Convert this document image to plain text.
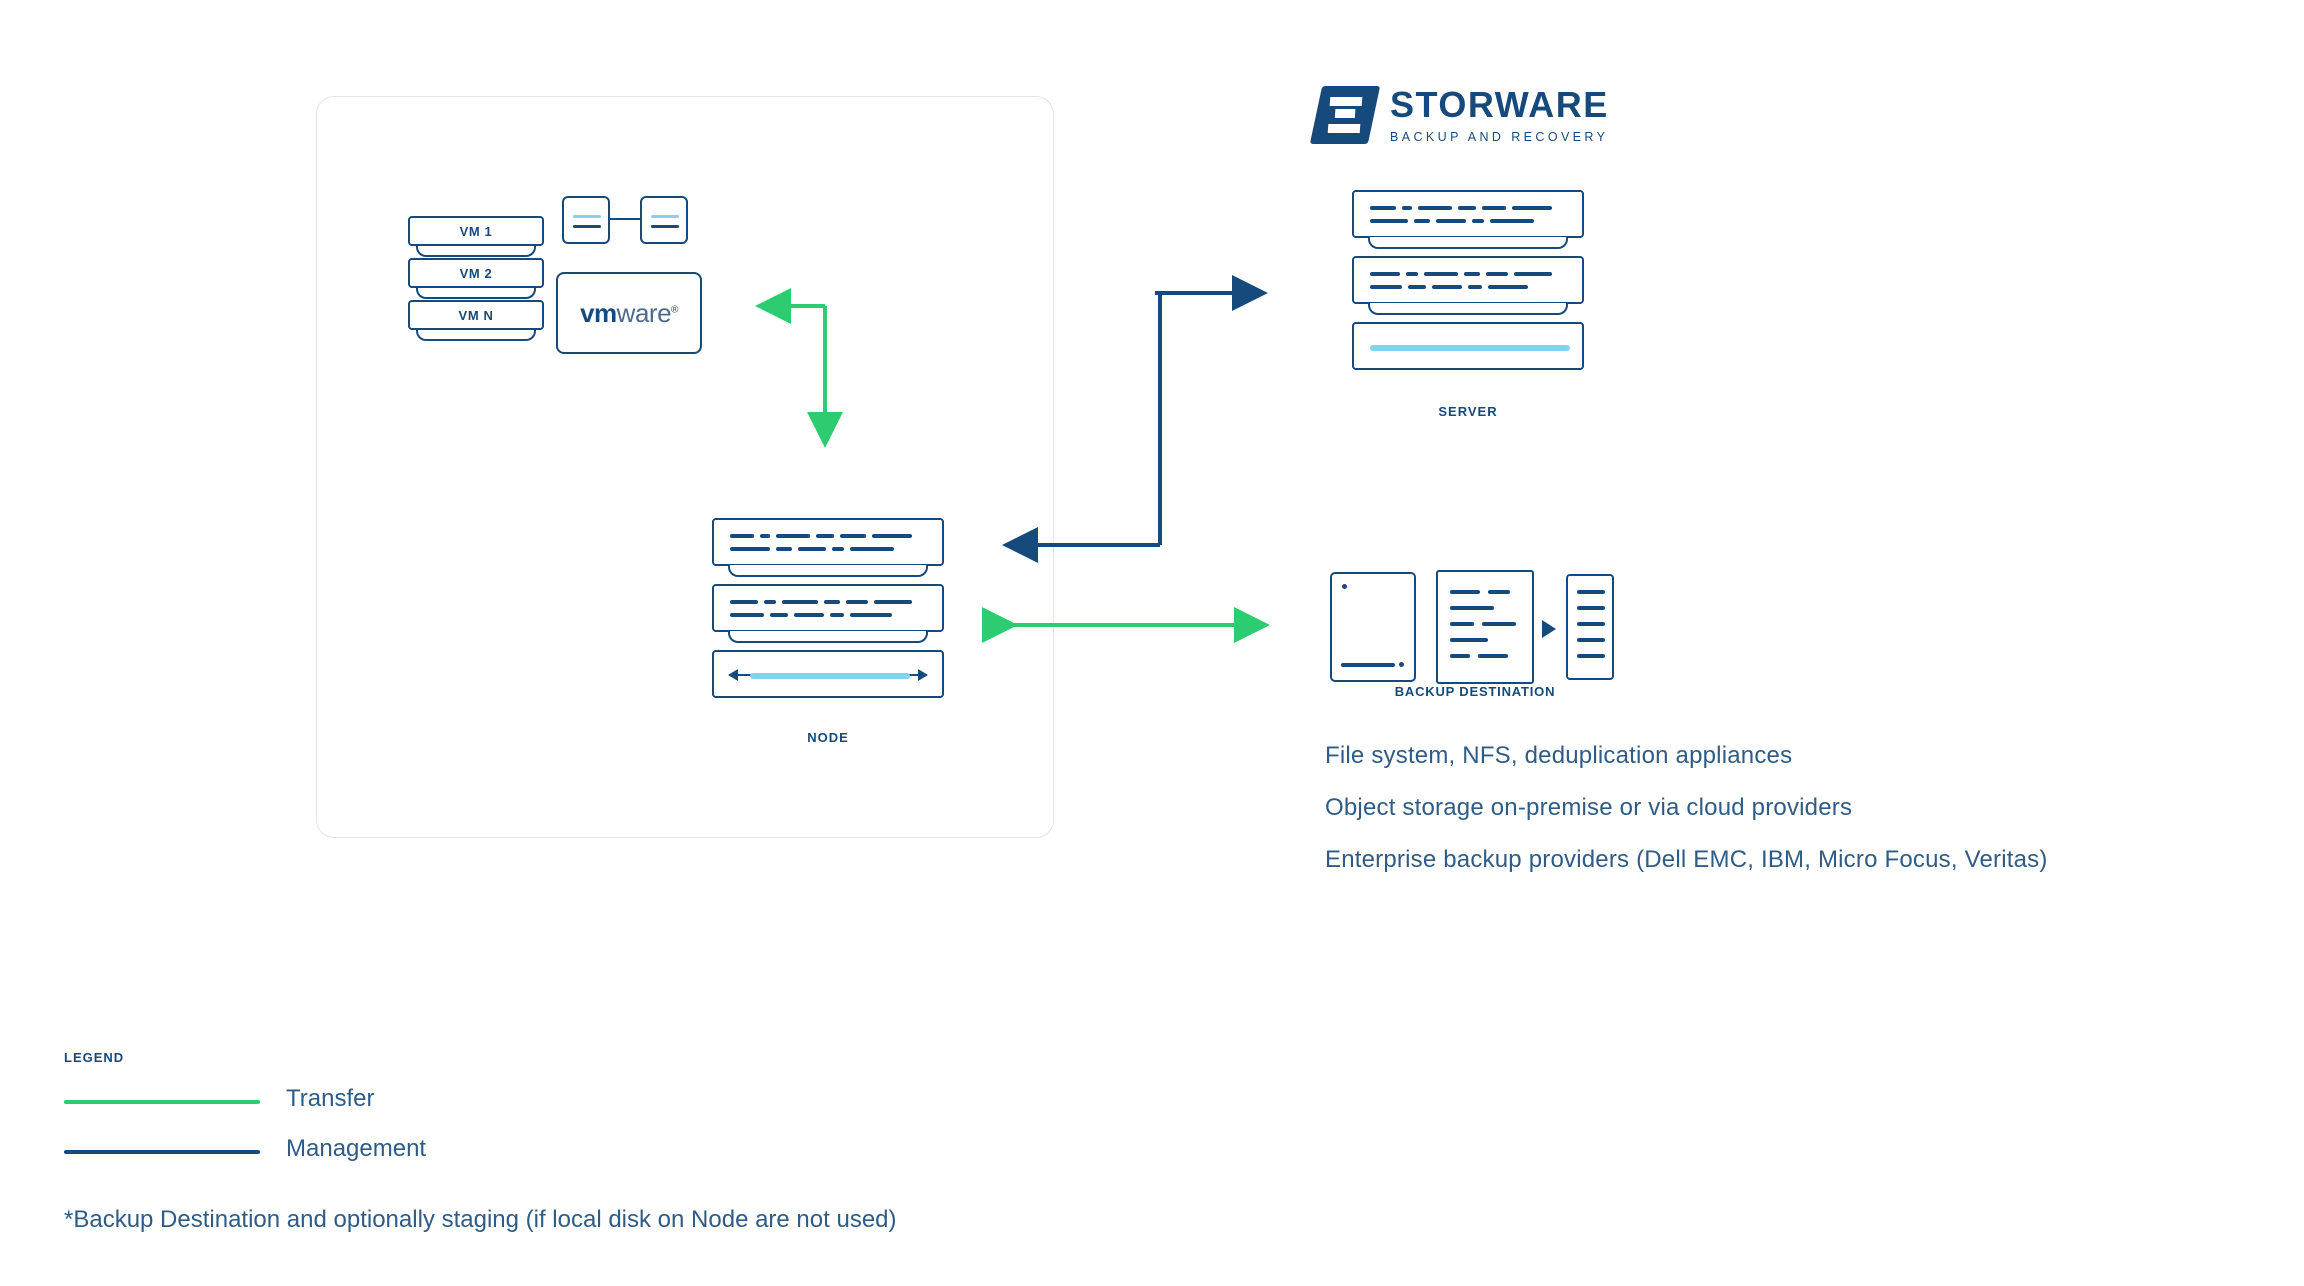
VM 1
VM 2
VM N	vmware®
NODE
SERVER
STORWARE
BACKUP AND RECOVERY
BACKUP DESTINATION
File system, NFS, deduplication appliances
Object storage on-premise or via cloud providers
Enterprise backup providers (Dell EMC, IBM, Micro Focus, Veritas)
LEGEND
Transfer
Management
*Backup Destination and optionally staging (if local disk on Node are not used)
